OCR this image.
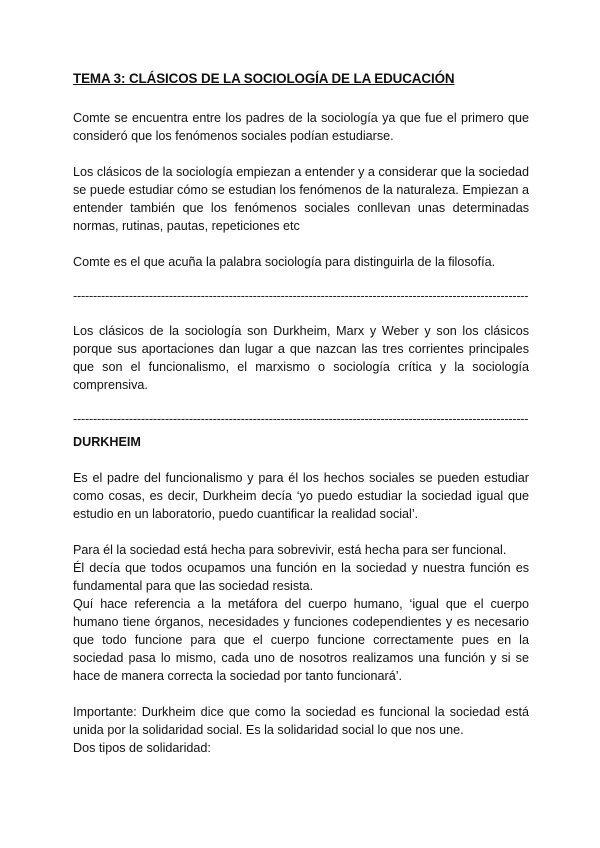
TEMA 3: CLÁSICOS DE LA SOCIOLOGÍA DE LA EDUCACIÓN

Comte se encuentra entre los padres de la sociología ya que fue el primero que consideró que los fenómenos sociales podían estudiarse.

Los clásicos de la sociología empiezan a entender y a considerar que la sociedad se puede estudiar cómo se estudian los fenómenos de la naturaleza. Empiezan a entender también que los fenómenos sociales conllevan unas determinadas normas, rutinas, pautas, repeticiones etc

Comte es el que acuña la palabra sociología para distinguirla de la filosofía.

------------------------------------------------------------------------------------------------------------------

Los clásicos de la sociología son Durkheim, Marx y Weber y son los clásicos porque sus aportaciones dan lugar a que nazcan las tres corrientes principales que son el funcionalismo, el marxismo o sociología crítica y la sociología comprensiva.

------------------------------------------------------------------------------------------------------------------
DURKHEIM

Es el padre del funcionalismo y para él los hechos sociales se pueden estudiar como cosas, es decir, Durkheim decía ‘yo puedo estudiar la sociedad igual que estudio en un laboratorio, puedo cuantificar la realidad social’.

Para él la sociedad está hecha para sobrevivir, está hecha para ser funcional.

Él decía que todos ocupamos una función en la sociedad y nuestra función es fundamental para que las sociedad resista.

Quí hace referencia a la metáfora del cuerpo humano, ‘igual que el cuerpo humano tiene órganos, necesidades y funciones codependientes y es necesario que todo funcione para que el cuerpo funcione correctamente pues en la sociedad pasa lo mismo, cada uno de nosotros realizamos una función y si se hace de manera correcta la sociedad por tanto funcionará’.

Importante: Durkheim dice que como la sociedad es funcional la sociedad está unida por la solidaridad social. Es la solidaridad social lo que nos une.

Dos tipos de solidaridad:
